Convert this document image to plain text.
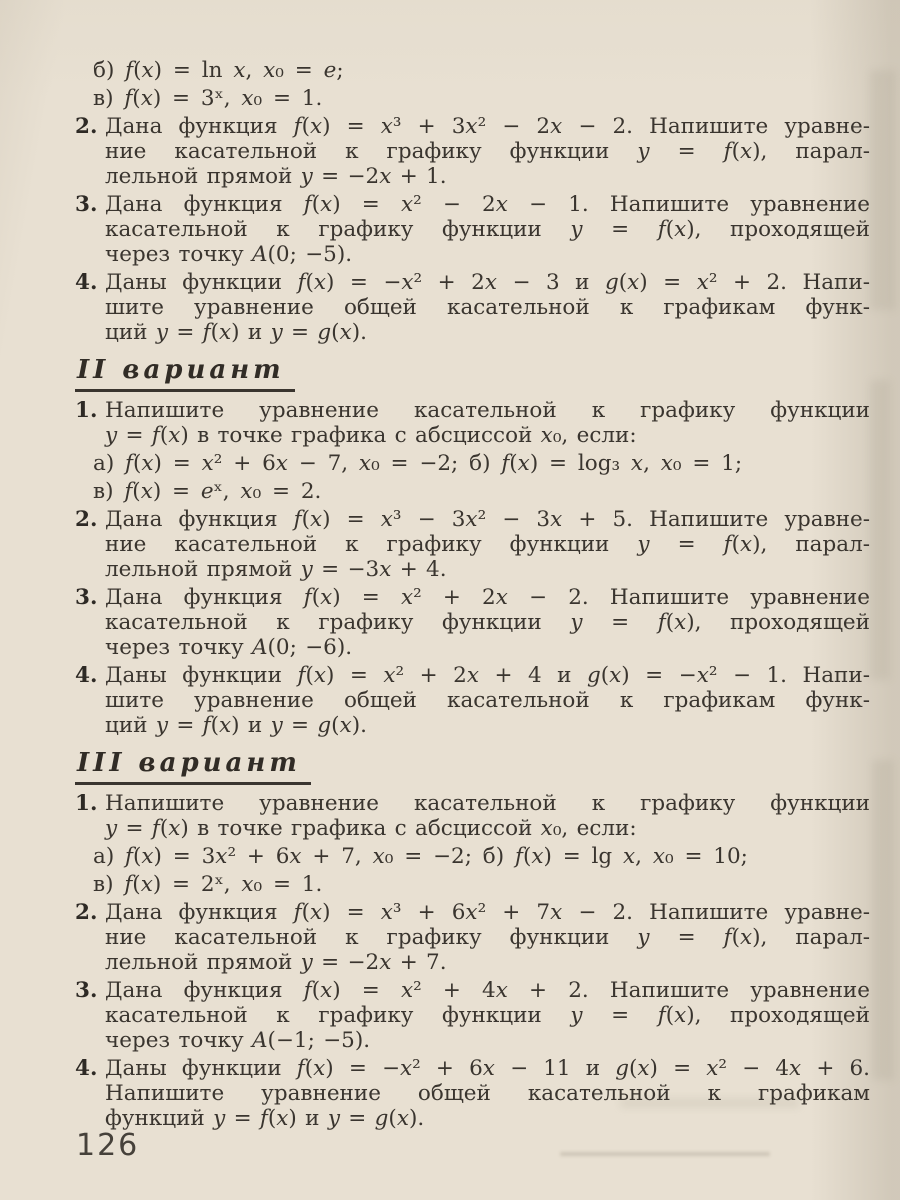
б) f(x) = ln x, x₀ = e;
в) f(x) = 3ˣ, x₀ = 1.
2. Дана функция f(x) = x³ + 3x² − 2x − 2. Напишите уравне-
ние касательной к графику функции y = f(x), парал-
лельной прямой y = −2x + 1.
3. Дана функция f(x) = x² − 2x − 1. Напишите уравнение
касательной к графику функции y = f(x), проходящей
через точку A(0; −5).
4. Даны функции f(x) = −x² + 2x − 3 и g(x) = x² + 2. Напи-
шите уравнение общей касательной к графикам функ-
ций y = f(x) и y = g(x).
II вариант
1. Напишите уравнение касательной к графику функции
y = f(x) в точке графика с абсциссой x₀, если:
а) f(x) = x² + 6x − 7, x₀ = −2; б) f(x) = log₃ x, x₀ = 1;
в) f(x) = eˣ, x₀ = 2.
2. Дана функция f(x) = x³ − 3x² − 3x + 5. Напишите уравне-
ние касательной к графику функции y = f(x), парал-
лельной прямой y = −3x + 4.
3. Дана функция f(x) = x² + 2x − 2. Напишите уравнение
касательной к графику функции y = f(x), проходящей
через точку A(0; −6).
4. Даны функции f(x) = x² + 2x + 4 и g(x) = −x² − 1. Напи-
шите уравнение общей касательной к графикам функ-
ций y = f(x) и y = g(x).
III вариант
1. Напишите уравнение касательной к графику функции
y = f(x) в точке графика с абсциссой x₀, если:
а) f(x) = 3x² + 6x + 7, x₀ = −2; б) f(x) = lg x, x₀ = 10;
в) f(x) = 2ˣ, x₀ = 1.
2. Дана функция f(x) = x³ + 6x² + 7x − 2. Напишите уравне-
ние касательной к графику функции y = f(x), парал-
лельной прямой y = −2x + 7.
3. Дана функция f(x) = x² + 4x + 2. Напишите уравнение
касательной к графику функции y = f(x), проходящей
через точку A(−1; −5).
4. Даны функции f(x) = −x² + 6x − 11 и g(x) = x² − 4x + 6.
Напишите уравнение общей касательной к графикам
функций y = f(x) и y = g(x).
126
